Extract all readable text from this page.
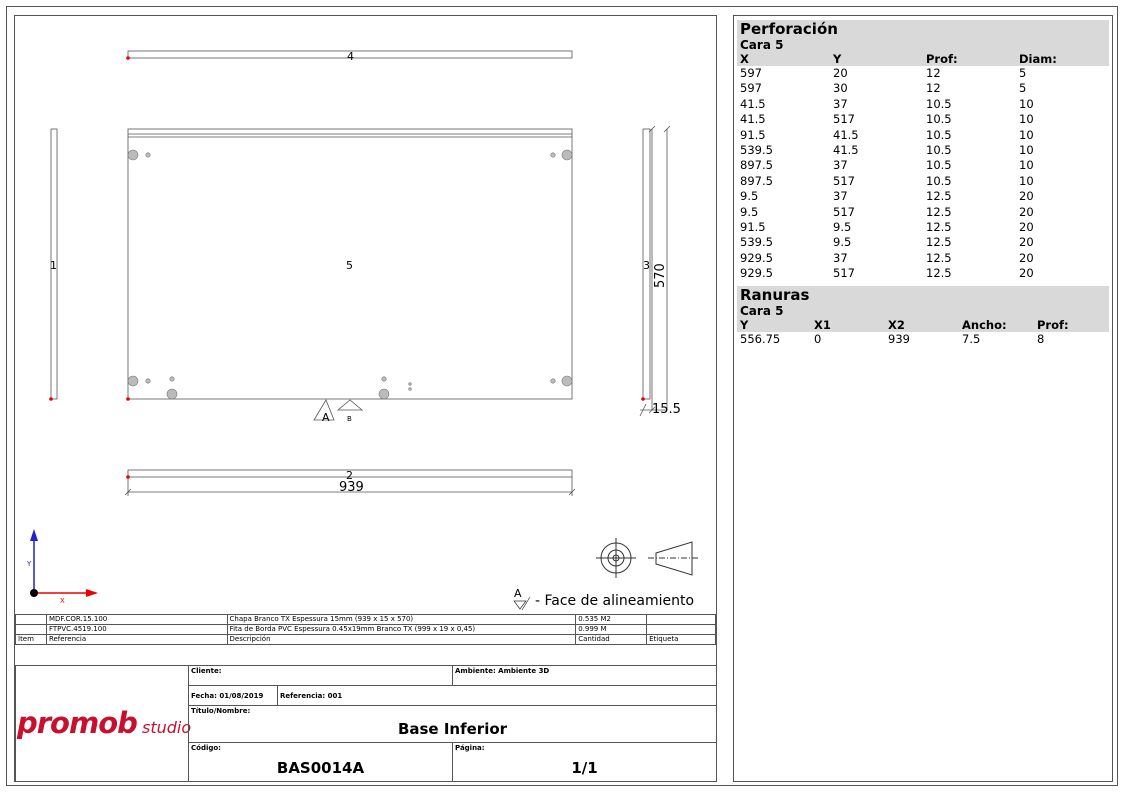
4
1	5	3
2
570
15.5
939
A B
Y
X
A - Face de alineamiento
	MDF.COR.15.100	Chapa Branco TX Espessura 15mm (939 x 15 x 570)	0.535 M2	
	FTPVC.4519.100	Fita de Borda PVC Espessura 0.45x19mm Branco TX (999 x 19 x 0,45)	0.999 M	
Ítem	Referencia	Descripción	Cantidad	Etiqueta
promob studio
Cliente:	Ambiente: Ambiente 3D
Fecha: 01/08/2019	Referencia: 001
Título/Nombre:
Base Inferior
Código:
BAS0014A
Página:
1/1
Perforación
Cara 5
X	Y	Prof:	Diam:
597	20	12	5
597	30	12	5
41.5	37	10.5	10
41.5	517	10.5	10
91.5	41.5	10.5	10
539.5	41.5	10.5	10
897.5	37	10.5	10
897.5	517	10.5	10
9.5	37	12.5	20
9.5	517	12.5	20
91.5	9.5	12.5	20
539.5	9.5	12.5	20
929.5	37	12.5	20
929.5	517	12.5	20
Ranuras
Cara 5
Y	X1	X2	Ancho:	Prof:
556.75	0	939	7.5	8
